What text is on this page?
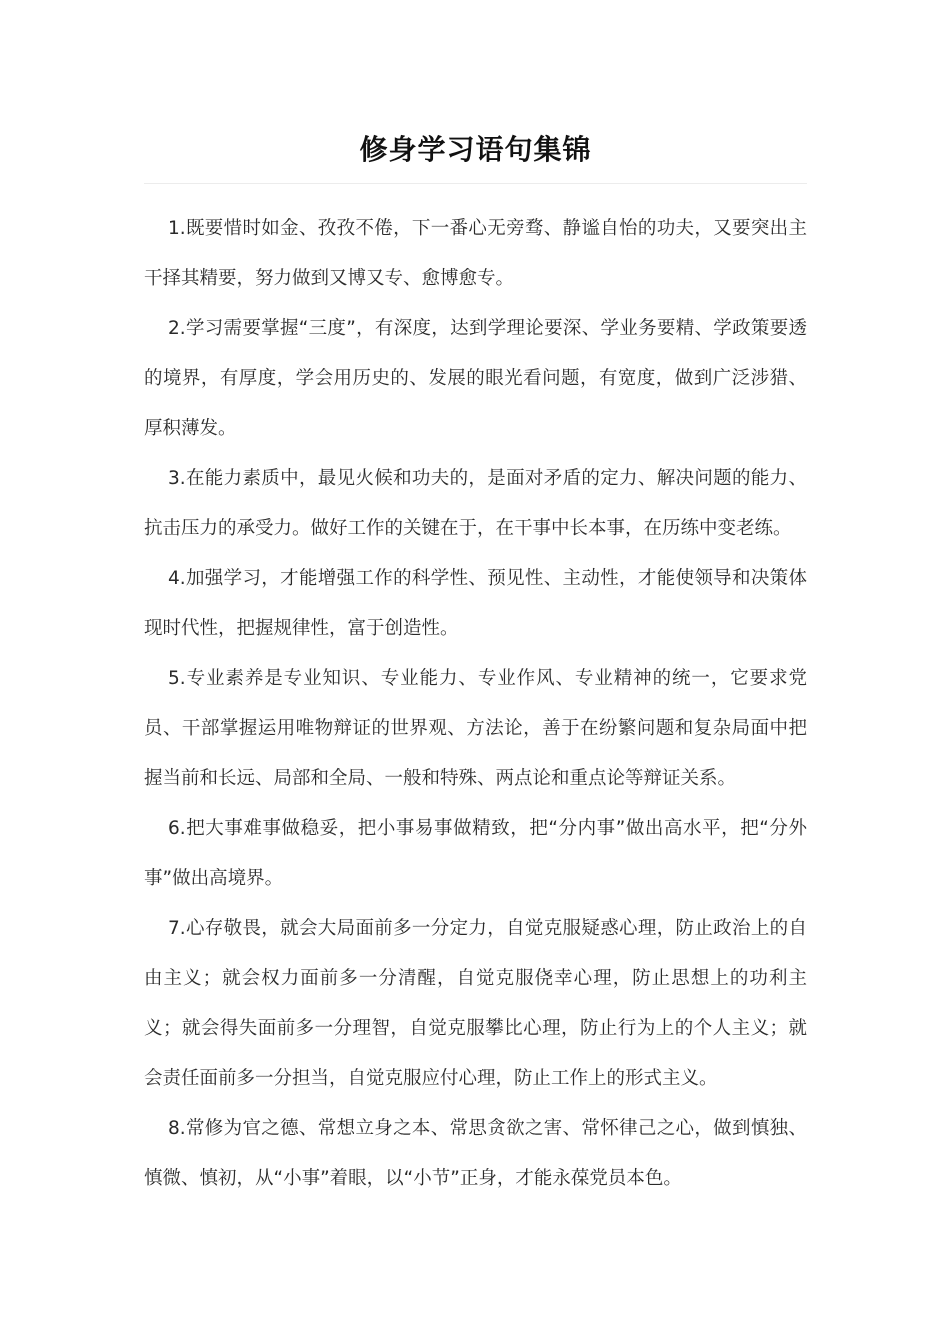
修身学习语句集锦

1.既要惜时如金、孜孜不倦，下一番心无旁骛、静谧自怡的功夫，又要突出主干择其精要，努力做到又博又专、愈博愈专。

2.学习需要掌握“三度”，有深度，达到学理论要深、学业务要精、学政策要透的境界，有厚度，学会用历史的、发展的眼光看问题，有宽度，做到广泛涉猎、厚积薄发。

3.在能力素质中，最见火候和功夫的，是面对矛盾的定力、解决问题的能力、抗击压力的承受力。做好工作的关键在于，在干事中长本事，在历练中变老练。

4.加强学习，才能增强工作的科学性、预见性、主动性，才能使领导和决策体现时代性，把握规律性，富于创造性。

5.专业素养是专业知识、专业能力、专业作风、专业精神的统一，它要求党员、干部掌握运用唯物辩证的世界观、方法论，善于在纷繁问题和复杂局面中把握当前和长远、局部和全局、一般和特殊、两点论和重点论等辩证关系。

6.把大事难事做稳妥，把小事易事做精致，把“分内事”做出高水平，把“分外事”做出高境界。

7.心存敬畏，就会大局面前多一分定力，自觉克服疑惑心理，防止政治上的自由主义；就会权力面前多一分清醒，自觉克服侥幸心理，防止思想上的功利主义；就会得失面前多一分理智，自觉克服攀比心理，防止行为上的个人主义；就会责任面前多一分担当，自觉克服应付心理，防止工作上的形式主义。

8.常修为官之德、常想立身之本、常思贪欲之害、常怀律己之心，做到慎独、慎微、慎初，从“小事”着眼，以“小节”正身，才能永葆党员本色。
